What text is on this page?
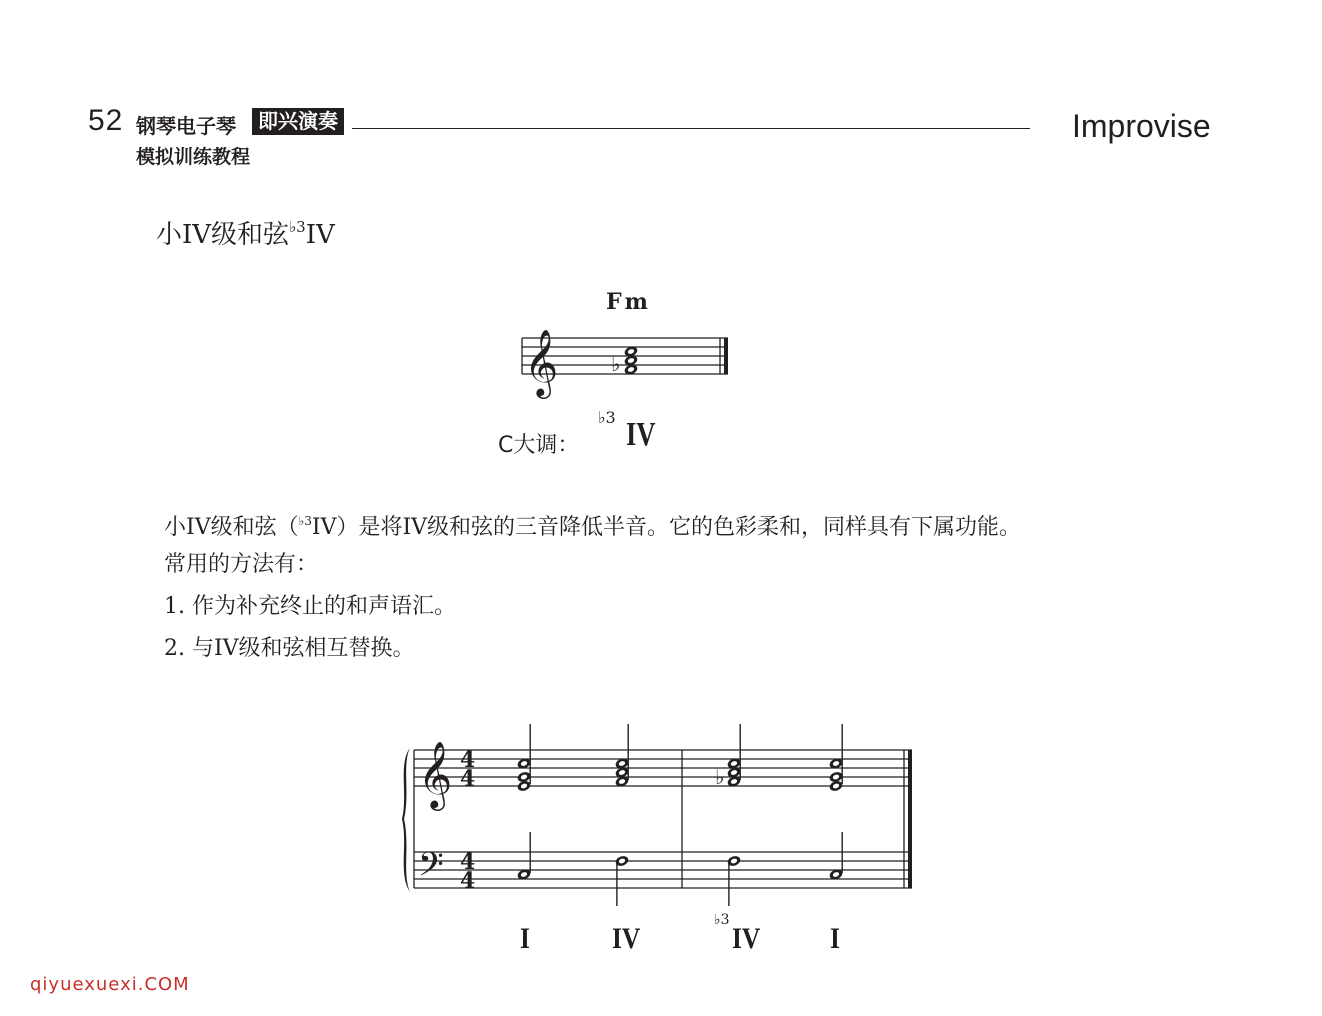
52 钢琴电子琴	即兴演奏
模拟训练教程
Improvise
小IV级和弦$^{♭3}$IV
Fm
𝄞	♭
C大调：
♭3 IV
小IV级和弦（$^{♭3}$IV）是将IV级和弦的三音降低半音。它的色彩柔和，同样具有下属功能。
常用的方法有：
1. 作为补充终止的和声语汇。
2. 与IV级和弦相互替换。
𝄞
𝄢
4
4
4
4
♭
I	IV
♭3
IV I
qiyuexuexi.COM
